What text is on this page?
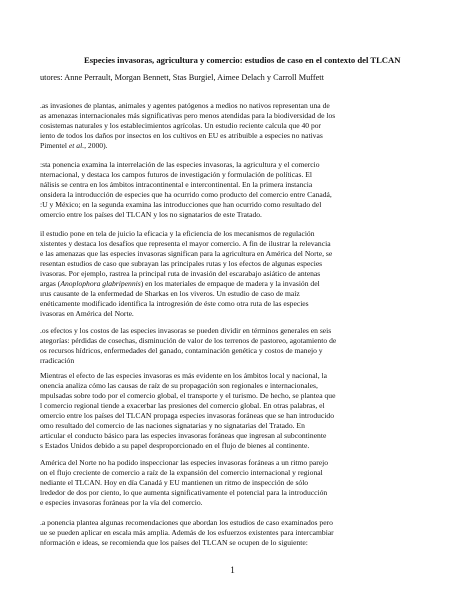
Especies invasoras, agricultura y comercio: estudios de caso en el contexto del TLCAN
utores: Anne Perrault, Morgan Bennett, Stas Burgiel, Aimee Delach y Carroll Muffett

.as invasiones de plantas, animales y agentes patógenos a medios no nativos representan una de
as amenazas internacionales más significativas pero menos atendidas para la biodiversidad de los
cosistemas naturales y los establecimientos agrícolas. Un estudio reciente calcula que 40 por
iento de todos los daños por insectos en los cultivos en EU es atribuible a especies no nativas
Pimentel et al., 2000).

:sta ponencia examina la interrelación de las especies invasoras, la agricultura y el comercio
nternacional, y destaca los campos futuros de investigación y formulación de políticas. El
nálisis se centra en los ámbitos intracontinental e intercontinental. En la primera instancia
onsidera la introducción de especies que ha ocurrido como producto del comercio entre Canadá,
:U y México; en la segunda examina las introducciones que han ocurrido como resultado del
omercio entre los países del TLCAN y los no signatarios de este Tratado.

il estudio pone en tela de juicio la eficacia y la eficiencia de los mecanismos de regulación
xistentes y destaca los desafíos que representa el mayor comercio. A fin de ilustrar la relevancia
e las amenazas que las especies invasoras significan para la agricultura en América del Norte, se
resentan estudios de caso que subrayan las principales rutas y los efectos de algunas especies
ivasoras. Por ejemplo, rastrea la principal ruta de invasión del escarabajo asiático de antenas
argas (Anoplophora glabripennis) en los materiales de empaque de madera y la invasión del
ırus causante de la enfermedad de Sharkas en los viveros. Un estudio de caso de maíz
enéticamente modificado identifica la introgresión de éste como otra ruta de las especies
ivasoras en América del Norte.

.os efectos y los costos de las especies invasoras se pueden dividir en términos generales en seis
ategorías: pérdidas de cosechas, disminución de valor de los terrenos de pastoreo, agotamiento de
os recursos hídricos, enfermedades del ganado, contaminación genética y costos de manejo y
rradicación

Mientras el efecto de las especies invasoras es más evidente en los ámbitos local y nacional, la
onencia analiza cómo las causas de raíz de su propagación son regionales e internacionales,
mpulsadas sobre todo por el comercio global, el transporte y el turismo. De hecho, se plantea que
l comercio regional tiende a exacerbar las presiones del comercio global. En otras palabras, el
omercio entre los países del TLCAN propaga especies invasoras foráneas que se han introducido
omo resultado del comercio de las naciones signatarias y no signatarias del Tratado. En
articular el conducto básico para las especies invasoras foráneas que ingresan al subcontinente
s Estados Unidos debido a su papel desproporcionado en el flujo de bienes al continente.

América del Norte no ha podido inspeccionar las especies invasoras foráneas a un ritmo parejo
on el flujo creciente de comercio a raíz de la expansión del comercio internacional y regional
nediante el TLCAN. Hoy en día Canadá y EU mantienen un ritmo de inspección de sólo
lrededor de dos por ciento, lo que aumenta significativamente el potencial para la introducción
e especies invasoras foráneas por la vía del comercio.

.a ponencia plantea algunas recomendaciones que abordan los estudios de caso examinados pero
ue se pueden aplicar en escala más amplia. Además de los esfuerzos existentes para intercambiar
nformación e ideas, se recomienda que los países del TLCAN se ocupen de lo siguiente:

1
